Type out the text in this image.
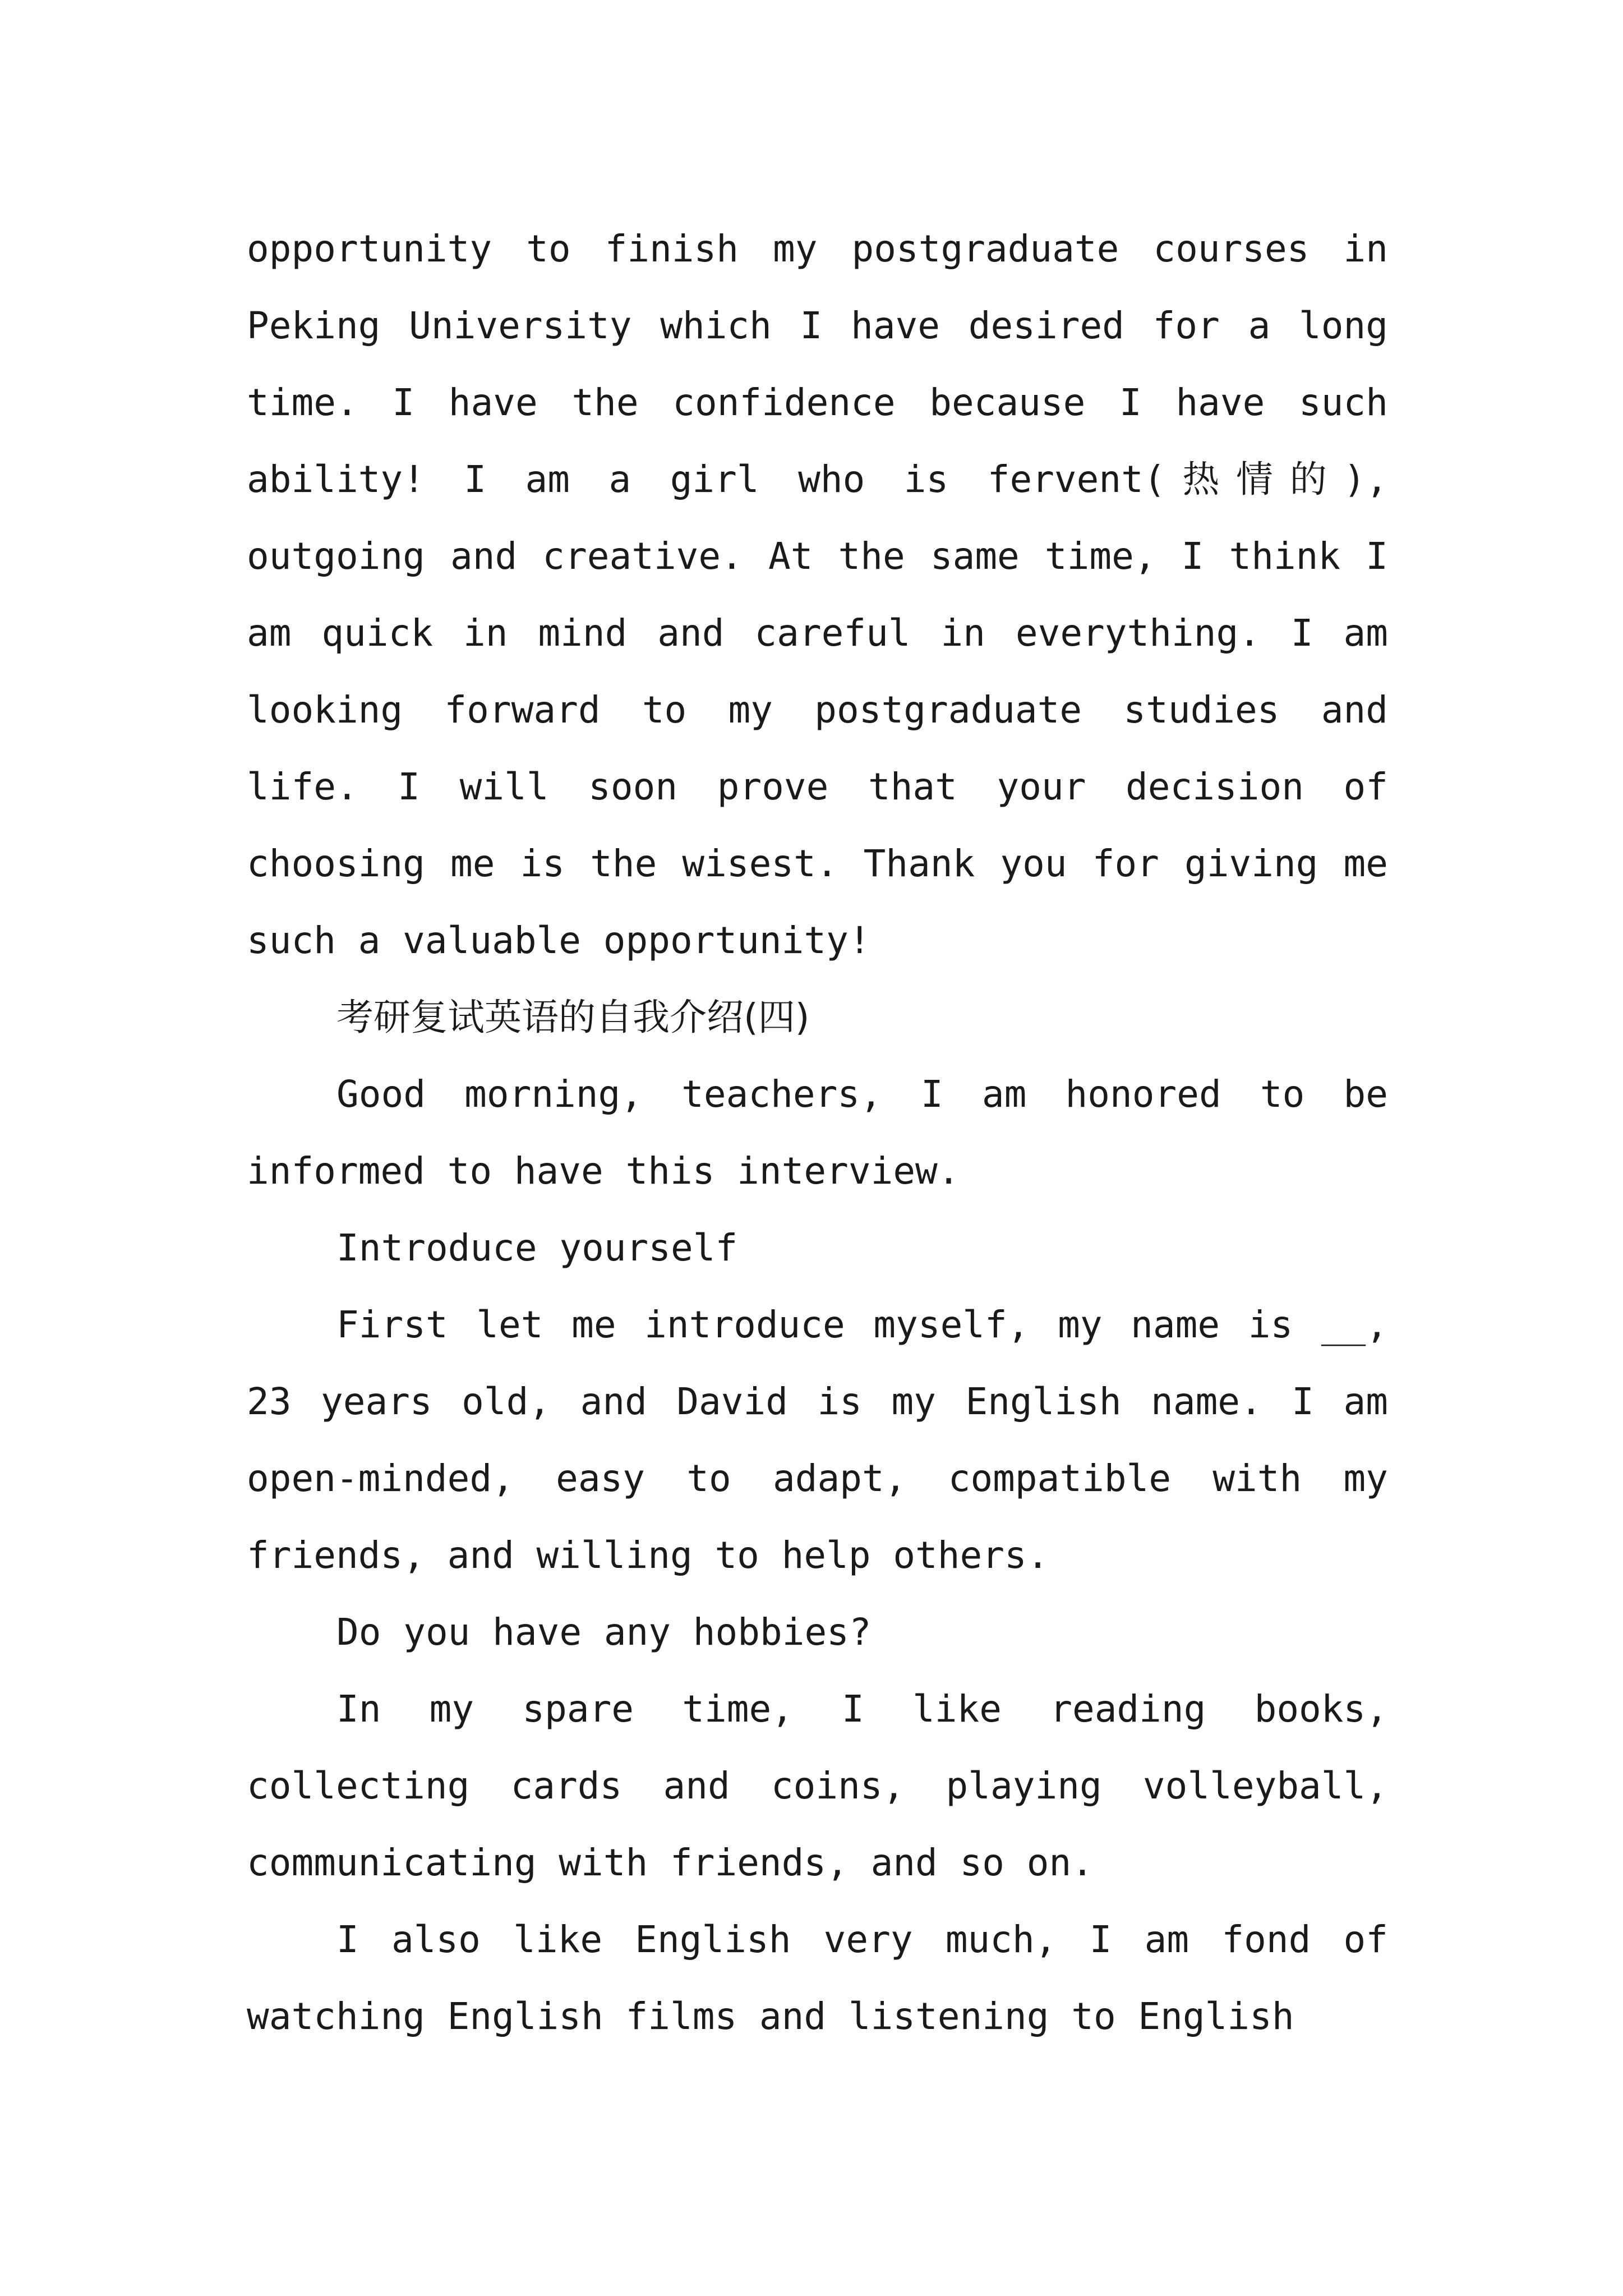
opportunity to finish my postgraduate courses in Peking University which I have desired for a long time. I have the confidence because I have such ability! I am a girl who is fervent(热情的), outgoing and creative. At the same time, I think I am quick in mind and careful in everything. I am looking forward to my postgraduate studies and life. I will soon prove that your decision of choosing me is the wisest. Thank you for giving me such a valuable opportunity!

考研复试英语的自我介绍(四)

Good morning, teachers, I am honored to be informed to have this interview.

Introduce yourself

First let me introduce myself, my name is __, 23 years old, and David is my English name. I am open-minded, easy to adapt, compatible with my friends, and willing to help others.

Do you have any hobbies?

In my spare time, I like reading books, collecting cards and coins, playing volleyball, communicating with friends, and so on.

I also like English very much, I am fond of watching English films and listening to English
